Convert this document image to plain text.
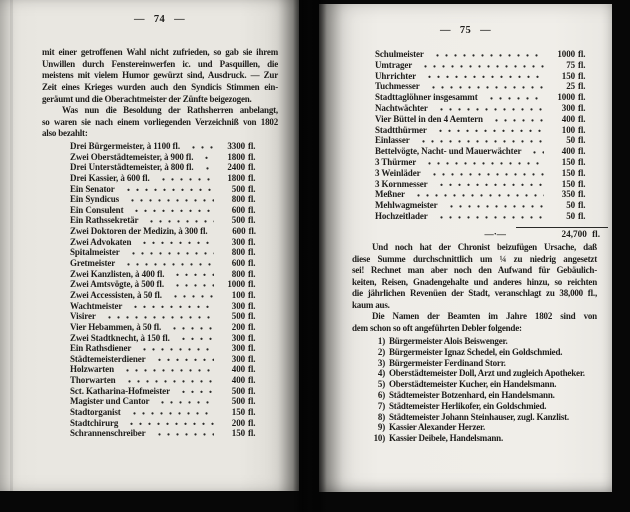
— 74 —
mit einer getroffenen Wahl nicht zufrieden, so gab sie ihrem
Unwillen durch Fenstereinwerfen ic. und Pasquillen, die
meistens mit vielem Humor gewürzt sind, Ausdruck. — Zur
Zeit eines Krieges wurden auch den Syndicis Stimmen ein-
geräumt und die Oberachtmeister der Zünfte beigezogen.
Was nun die Besoldung der Rathsherren anbelangt,
so waren sie nach einem vorliegenden Verzeichniß von 1802
also bezahlt:
Drei Bürgermeister, à 1100 fl.	3300 fl.
Zwei Oberstädtemeister, à 900 fl.	1800 fl.
Drei Unterstädtemeister, à 800 fl.	2400 fl.
Drei Kassier, à 600 fl.	1800 fl.
Ein Senator	500 fl.
Ein Syndicus	800 fl.
Ein Consulent	600 fl.
Ein Rathssekretär	500 fl.
Zwei Doktoren der Medizin, à 300 fl.	600 fl.
Zwei Advokaten	300 fl.
Spitalmeister	800 fl.
Gretmeister	600 fl.
Zwei Kanzlisten, à 400 fl.	800 fl.
Zwei Amtsvögte, à 500 fl.	1000 fl.
Zwei Accessisten, à 50 fl.	100 fl.
Wachtmeister	300 fl.
Visirer	500 fl.
Vier Hebammen, à 50 fl.	200 fl.
Zwei Stadtknecht, à 150 fl.	300 fl.
Ein Rathsdiener	300 fl.
Städtemeisterdiener	300 fl.
Holzwarten	400 fl.
Thorwarten	400 fl.
Sct. Katharina-Hofmeister	500 fl.
Magister und Cantor	500 fl.
Stadtorganist	150 fl.
Stadtchirurg	200 fl.
Schrannenschreiber	150 fl.
— 75 —
Schulmeister	1000 fl.
Umtrager	75 fl.
Uhrrichter	150 fl.
Tuchmesser	25 fl.
Stadttaglöhner insgesammt	1000 fl.
Nachtwächter	300 fl.
Vier Büttel in den 4 Aemtern	400 fl.
Stadtthürmer	100 fl.
Einlasser	50 fl.
Bettelvögte, Nacht- und Mauerwächter	400 fl.
3 Thürmer	150 fl.
3 Weinläder	150 fl.
3 Kornmesser	150 fl.
Meßner	350 fl.
Mehlwagmeister	50 fl.
Hochzeitlader	50 fl.
—·—	24,700 fl.
Und noch hat der Chronist beizufügen Ursache, daß
diese Summe durchschnittlich um ¼ zu niedrig angesetzt
sei! Rechnet man aber noch den Aufwand für Gebäulich-
keiten, Reisen, Gnadengehalte und anderes hinzu, so reichten
die jährlichen Revenüen der Stadt, veranschlagt zu 38,000 fl.,
kaum aus.
Die Namen der Beamten im Jahre 1802 sind von
dem schon so oft angeführten Debler folgende:
1) Bürgermeister Alois Beiswenger.
2) Bürgermeister Ignaz Schedel, ein Goldschmied.
3) Bürgermeister Ferdinand Storr.
4) Oberstädtemeister Doll, Arzt und zugleich Apotheker.
5) Oberstädtemeister Kucher, ein Handelsmann.
6) Städtemeister Botzenhard, ein Handelsmann.
7) Städtemeister Herlikofer, ein Goldschmied.
8) Städtemeister Johann Steinhauser, zugl. Kanzlist.
9) Kassier Alexander Herzer.
10) Kassier Deibele, Handelsmann.
